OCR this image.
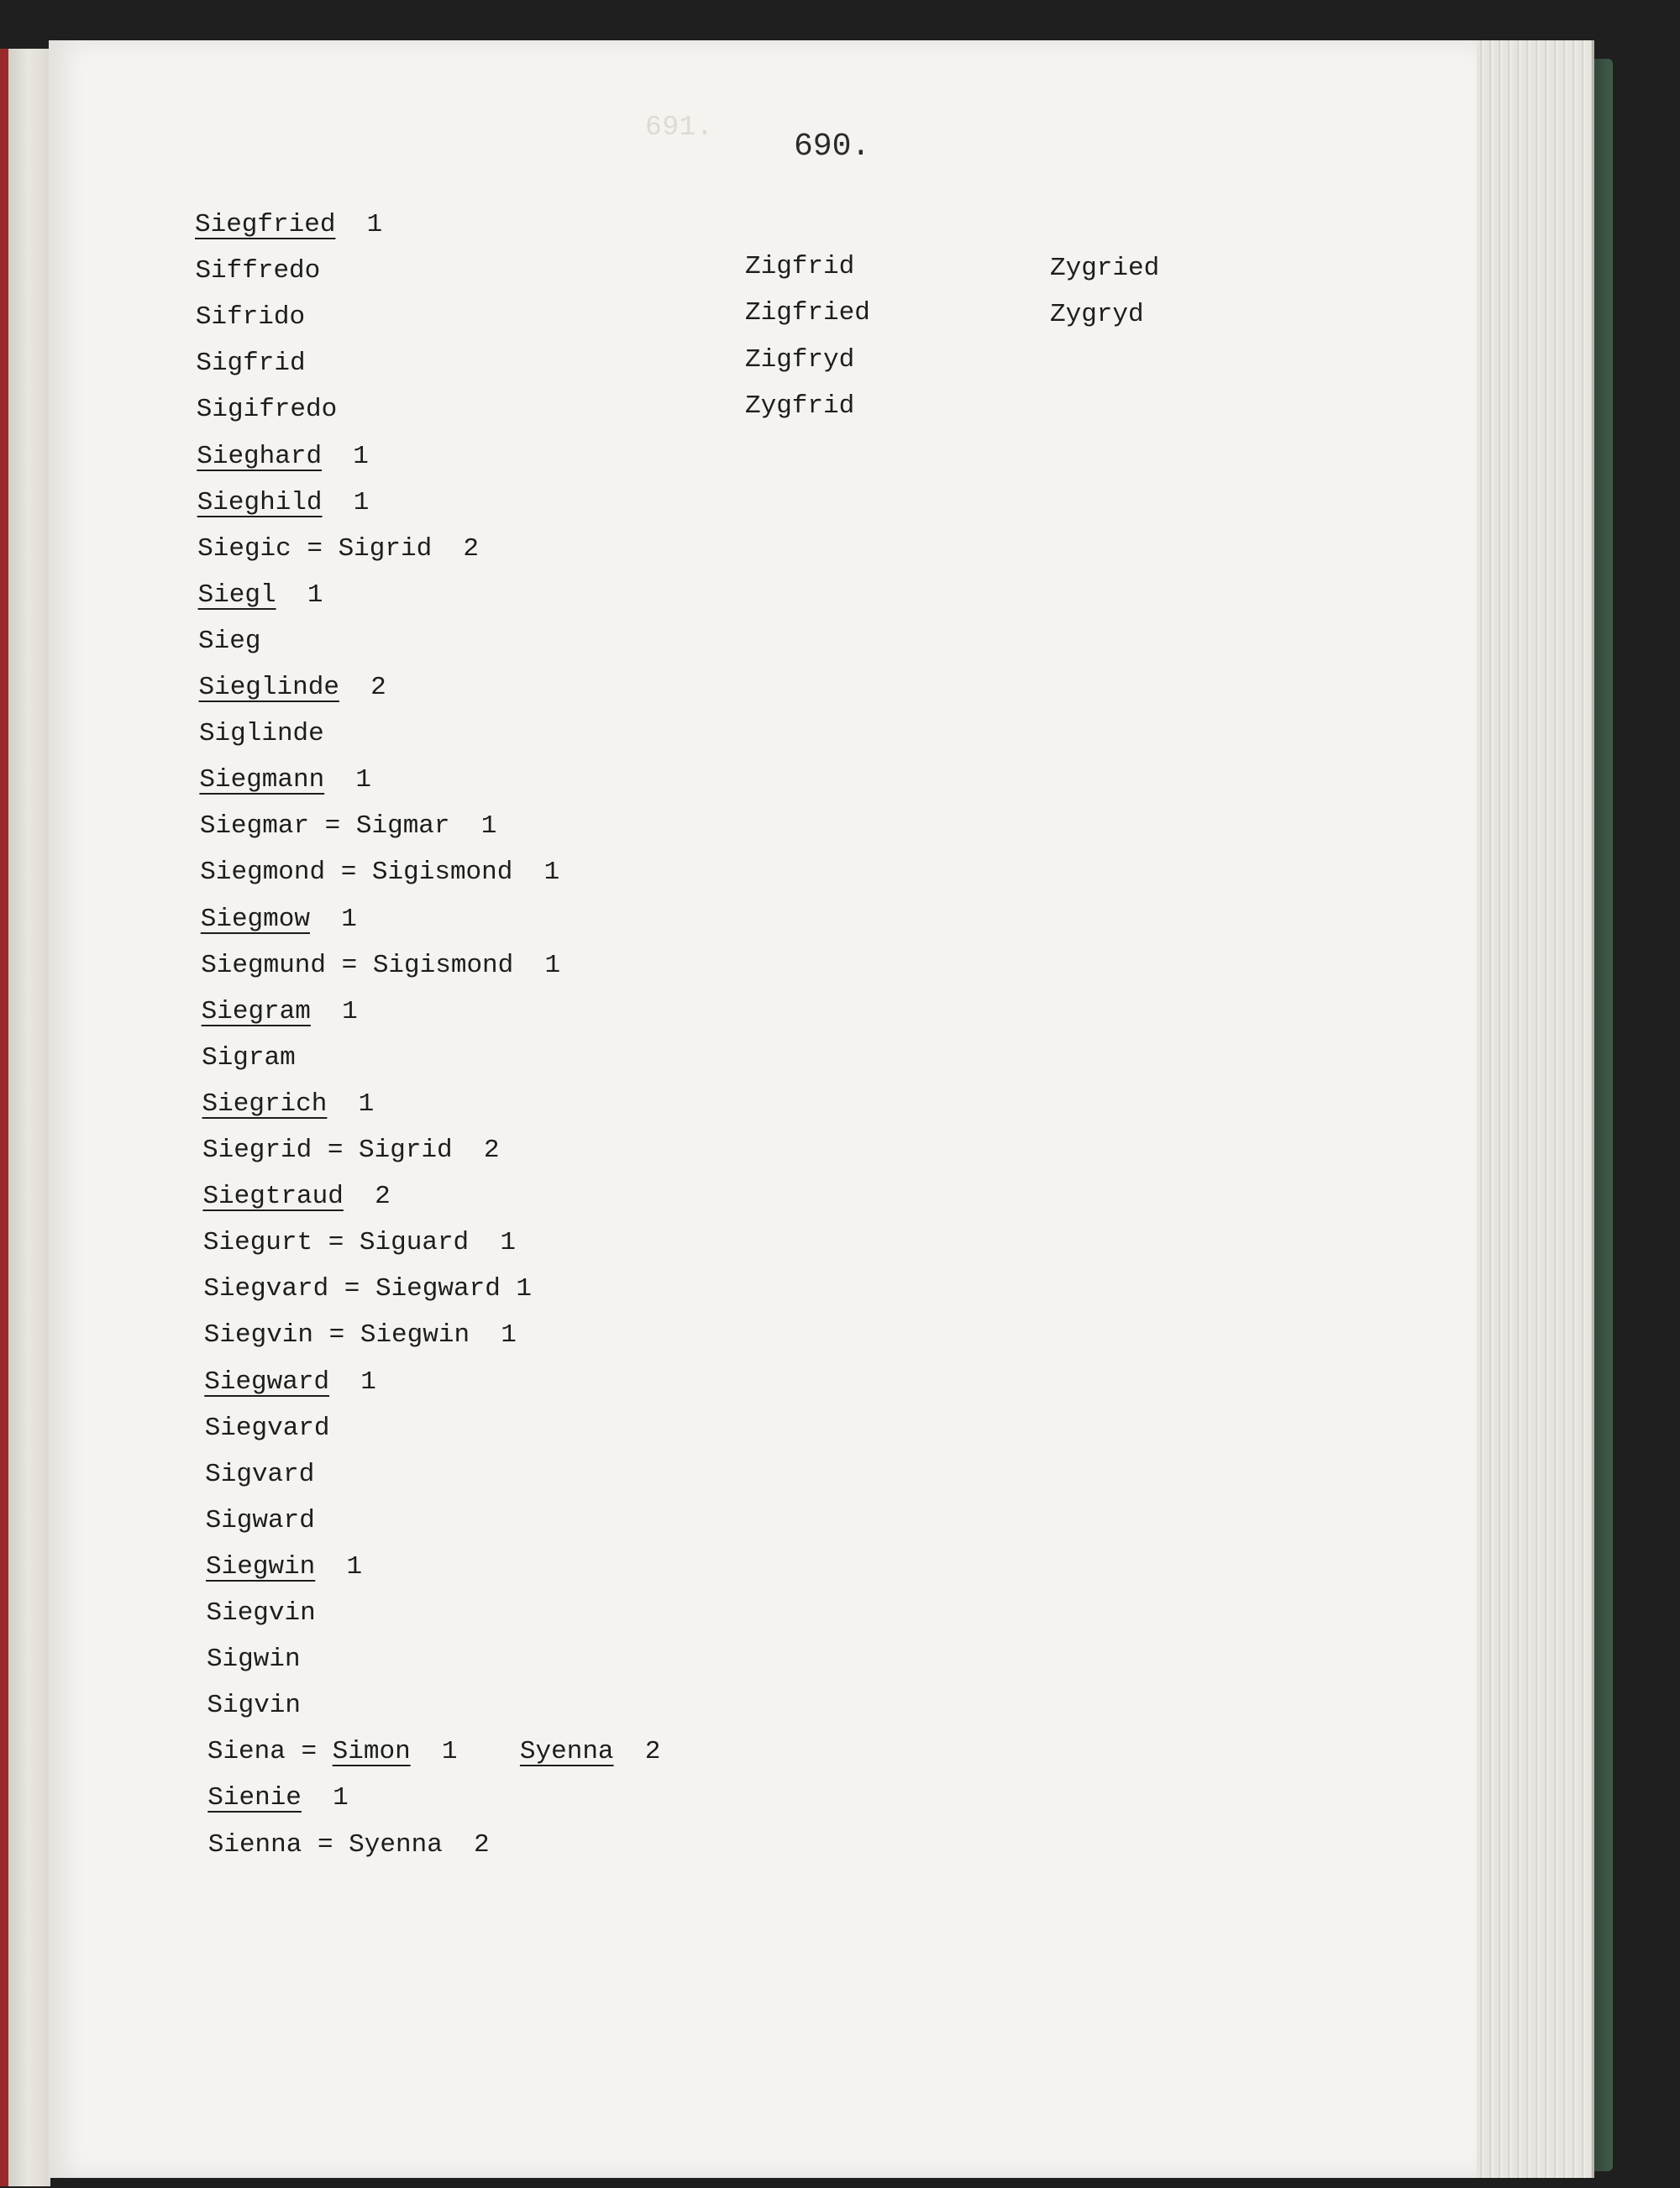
691.
690.
Siegfried  1
Siffredo
Sifrido
Sigfrid
Sigifredo
Sieghard  1
Sieghild  1
Siegic = Sigrid  2
Siegl  1
Sieg
Sieglinde  2
Siglinde
Siegmann  1
Siegmar = Sigmar  1
Siegmond = Sigismond  1
Siegmow  1
Siegmund = Sigismond  1
Siegram  1
Sigram
Siegrich  1
Siegrid = Sigrid  2
Siegtraud  2
Siegurt = Siguard  1
Siegvard = Siegward 1
Siegvin = Siegwin  1
Siegward  1
Siegvard
Sigvard
Sigward
Siegwin  1
Siegvin
Sigwin
Sigvin
Siena = Simon  1 Syenna  2
Sienie  1
Sienna = Syenna  2
Zigfrid
Zigfried
Zigfryd
Zygfrid
Zygried
Zygryd
